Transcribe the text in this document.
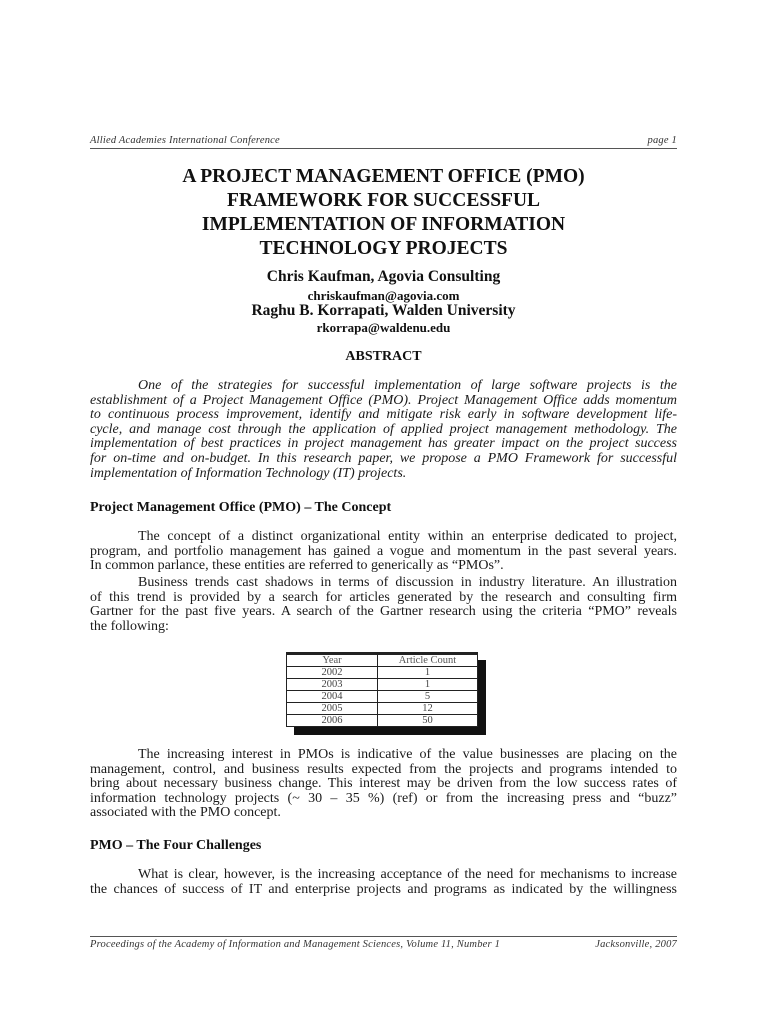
Allied Academies International Conference	page 1
A PROJECT MANAGEMENT OFFICE (PMO)
FRAMEWORK FOR SUCCESSFUL
IMPLEMENTATION OF INFORMATION
TECHNOLOGY PROJECTS
Chris Kaufman, Agovia Consulting
chriskaufman@agovia.com
Raghu B. Korrapati, Walden University
rkorrapa@waldenu.edu
ABSTRACT
One of the strategies for successful implementation of large software projects is the
establishment of a Project Management Office (PMO). Project Management Office adds momentum
to continuous process improvement, identify and mitigate risk early in software development life-
cycle, and manage cost through the application of applied project management methodology. The
implementation of best practices in project management has greater impact on the project success
for on-time and on-budget. In this research paper, we propose a PMO Framework for successful
implementation of Information Technology (IT) projects.
Project Management Office (PMO) – The Concept
The concept of a distinct organizational entity within an enterprise dedicated to project,
program, and portfolio management has gained a vogue and momentum in the past several years.
In common parlance, these entities are referred to generically as “PMOs”.
Business trends cast shadows in terms of discussion in industry literature. An illustration
of this trend is provided by a search for articles generated by the research and consulting firm
Gartner for the past five years. A search of the Gartner research using the criteria “PMO” reveals
the following:
Year	Article Count
2002	1
2003	1
2004	5
2005	12
2006	50
The increasing interest in PMOs is indicative of the value businesses are placing on the
management, control, and business results expected from the projects and programs intended to
bring about necessary business change. This interest may be driven from the low success rates of
information technology projects (~ 30 – 35 %) (ref) or from the increasing press and “buzz”
associated with the PMO concept.
PMO – The Four Challenges
What is clear, however, is the increasing acceptance of the need for mechanisms to increase
the chances of success of IT and enterprise projects and programs as indicated by the willingness
Proceedings of the Academy of Information and Management Sciences, Volume 11, Number 1	Jacksonville, 2007
